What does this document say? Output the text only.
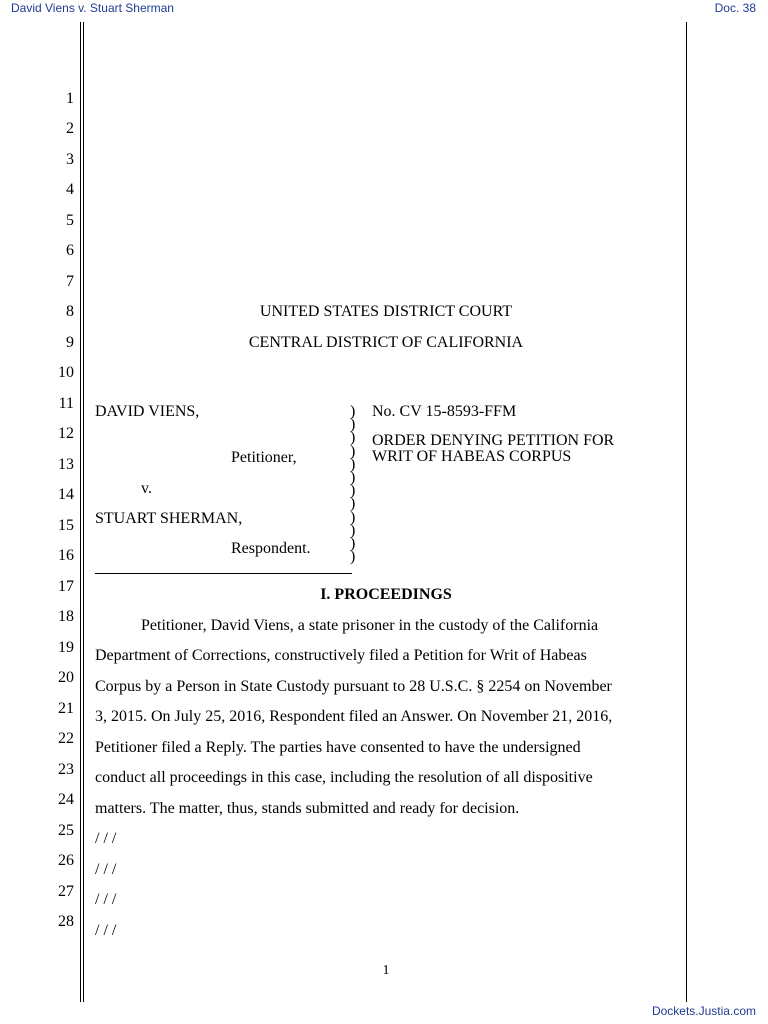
David Viens v. Stuart Sherman	Doc. 38
Dockets.Justia.com
1
2
3
4
5
6
7
8
9
10
11
12
13
14
15
16
17
18
19
20
21
22
23
24
25
26
27
28
UNITED STATES DISTRICT COURT
CENTRAL DISTRICT OF CALIFORNIA
DAVID VIENS,
Petitioner,
v.
STUART SHERMAN,
Respondent.
)
)
)
)
)
)
)
)
)
)
)
)
No. CV 15-8593-FFM
ORDER DENYING PETITION FOR
WRIT OF HABEAS CORPUS
I. PROCEEDINGS
Petitioner, David Viens, a state prisoner in the custody of the California
Department of Corrections, constructively filed a Petition for Writ of Habeas
Corpus by a Person in State Custody pursuant to 28 U.S.C. § 2254 on November
3, 2015. On July 25, 2016, Respondent filed an Answer. On November 21, 2016,
Petitioner filed a Reply. The parties have consented to have the undersigned
conduct all proceedings in this case, including the resolution of all dispositive
matters. The matter, thus, stands submitted and ready for decision.
/ / /
/ / /
/ / /
/ / /
1
